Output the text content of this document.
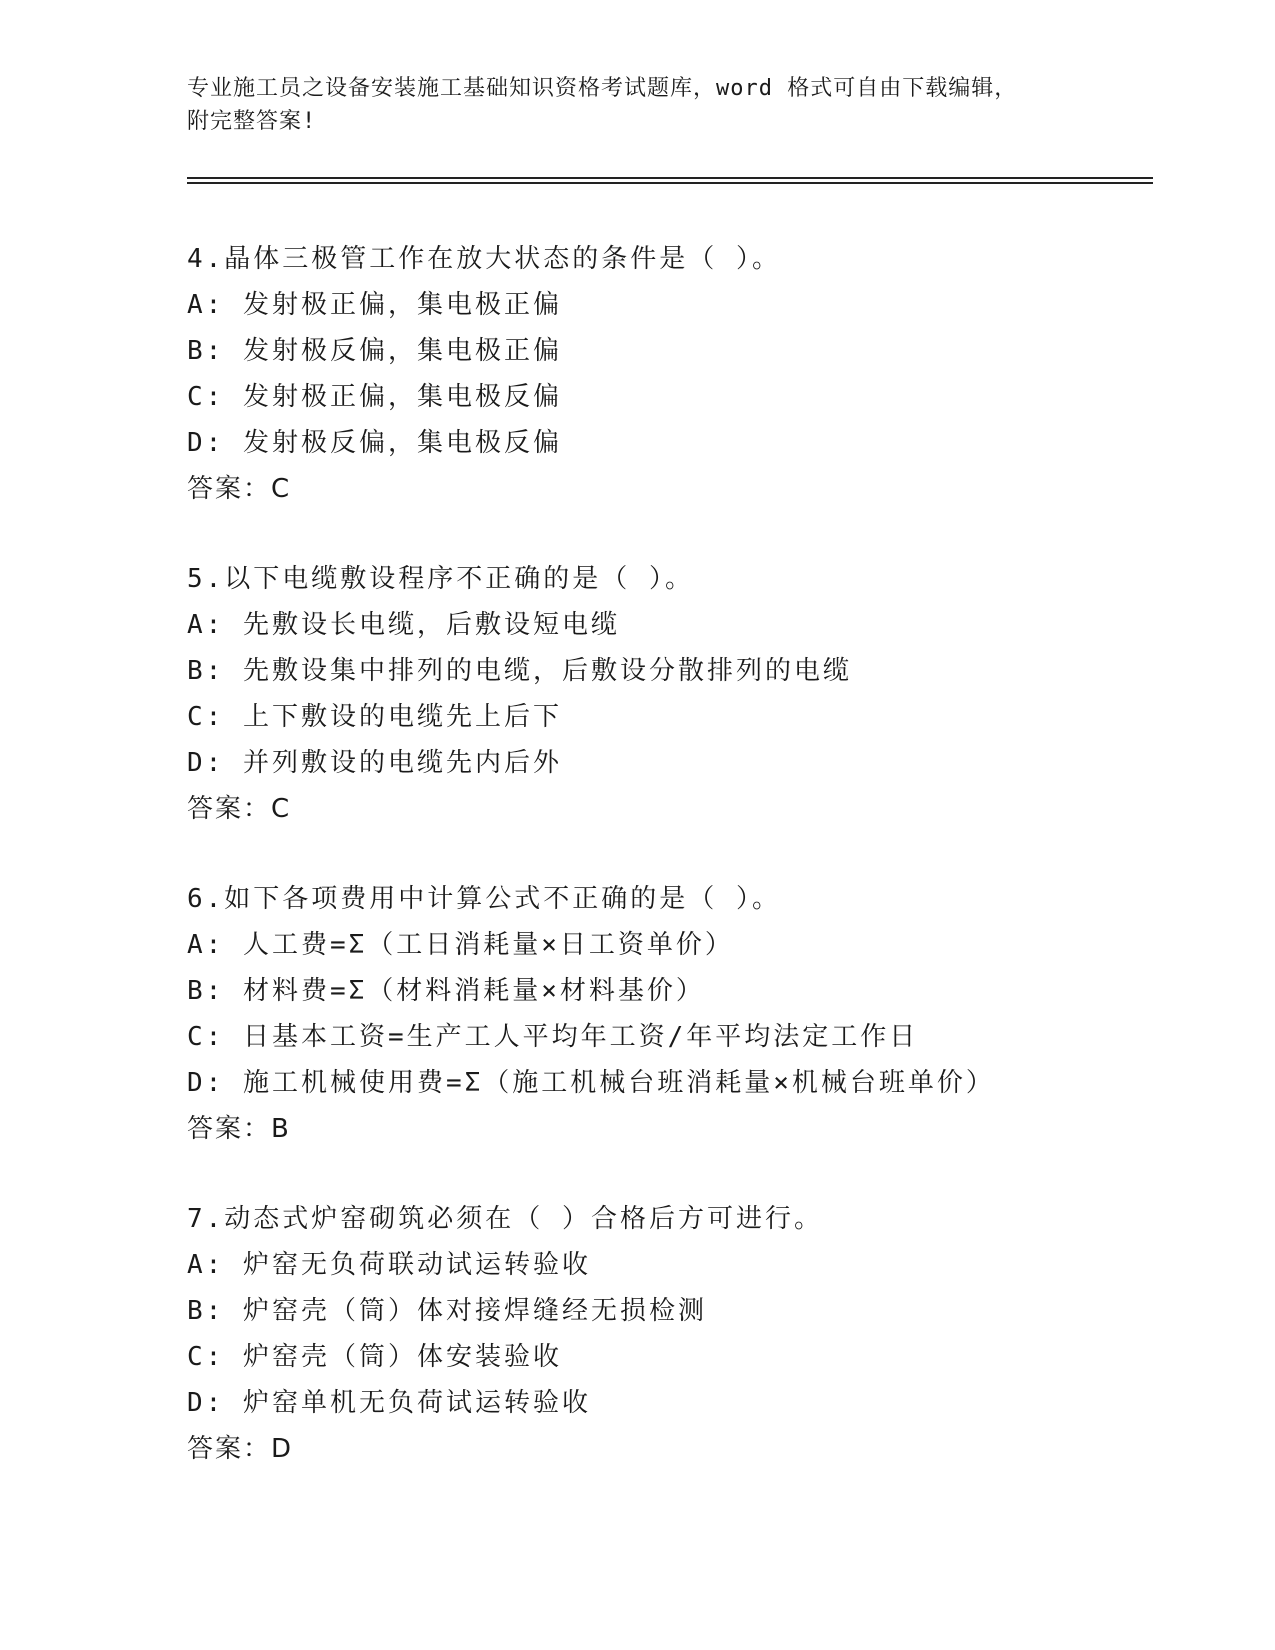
专业施工员之设备安装施工基础知识资格考试题库，word 格式可自由下载编辑，
附完整答案!
4.晶体三极管工作在放大状态的条件是（ ）。
A: 发射极正偏，集电极正偏
B: 发射极反偏，集电极正偏
C: 发射极正偏，集电极反偏
D: 发射极反偏，集电极反偏
答案：C
5.以下电缆敷设程序不正确的是（ ）。
A: 先敷设长电缆，后敷设短电缆
B: 先敷设集中排列的电缆，后敷设分散排列的电缆
C: 上下敷设的电缆先上后下
D: 并列敷设的电缆先内后外
答案：C
6.如下各项费用中计算公式不正确的是（ ）。
A: 人工费=Σ（工日消耗量×日工资单价）
B: 材料费=Σ（材料消耗量×材料基价）
C: 日基本工资=生产工人平均年工资/年平均法定工作日
D: 施工机械使用费=Σ（施工机械台班消耗量×机械台班单价）
答案：B
7.动态式炉窑砌筑必须在（ ）合格后方可进行。
A: 炉窑无负荷联动试运转验收
B: 炉窑壳（筒）体对接焊缝经无损检测
C: 炉窑壳（筒）体安装验收
D: 炉窑单机无负荷试运转验收
答案：D
